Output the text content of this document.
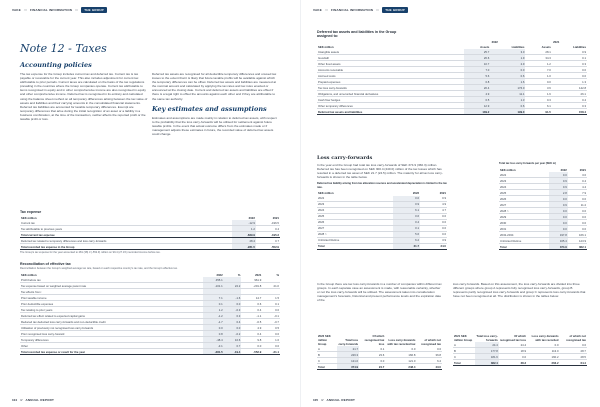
VAKE /// FINANCIAL INFORMATION ///	THE GROUP
Note 12 - Taxes
Accounting policies
The tax expense for the Group includes current tax and deferred tax. Current tax is tax payable or receivable for the current year. This also includes adjustment for current tax attributable to prior periods. Current taxes are calculated on the basis of the tax regulations prevailing in the countries where the Group companies operate. Current tax attributable to items recognised in equity and in other comprehensive income are also recognised in equity and other comprehensive income. Deferred tax is recognised in its entirety and calculated using the balance sheet method on all temporary differences arising between the tax value of assets and liabilities and their carrying amounts in the consolidated financial statements. Deferred tax liabilities are accounted for taxable temporary differences. Exempt are temporary differences that arise during the initial recognition of an asset or a liability in a business combination, at the time of the transaction, neither affects the reported profit or the taxable profit or loss.
Deferred tax assets are recognised for all deductible temporary differences and unused tax losses to the extent that it is likely that future taxable profits will be available against which the temporary differences can be offset. Deferred tax assets and liabilities are measured at the nominal amount and calculated by applying the tax rates and tax rules enacted or announced at the closing date. Current and deferred tax assets and liabilities are offset if there is a legal right to offset the amounts against each other and if they are attributable to the same tax authority.
Key estimates and assumptions
Estimates and assumptions are made mainly in relation to deferred tax assets, with respect to the probability that the loss carry-forwards will be utilised for settlement against future taxable profits. In the event that actual outcome differs from the estimates made or if management adjusts these estimates in future, the recorded value of deferred tax assets could change.
Tax expense
SEK million	2022	2021
Current tax	-12.9	-196.5
Tax attributable to previous years	1.2	0.4
Total current tax expense	-669.9	-195.3
Deferred tax related to temporary differences and loss carry-forwards	28.4	0.7
Total recorded tax expense in the Group	-281.5	-552.9
The Group's tax expense for the year amounted to 281 (38) 3 (-552.9) million on 99.4 (27.1%) recorded income before tax.
Reconciliation of effective tax
Reconciliation between the Group's weighted average tax rate, based on each respective country's tax rate, and the Group's effective tax.
SEK million	2022	%	2021	%
Profit before tax	455.1		961.9	
Tax expense based on weighted average parent rate	-101.1	22.2	-201.8	21.0
Tax effects from:				
Prior taxable income	7.1	-1.6	14.7	1.5
Prior deductible expenses	0.1	0.0	0.6	0.1
Tax relating to prior years	1.2	-0.3	0.4	0.0
Deferred tax effect related to expected capital gains	-1.2	0.3	-1.1	-0.1
Reduced tax deducted loss carry-forwards and non-deductible credit	-1.7	0.4	-6.5	-0.7
Utilisation of previously not recognised loss carry-forwards	0.0	0.0	4.9	0.5
Prior recognised loss carry-forward	0.8	-0.2	0.4	0.0
Temporary differences	-48.4	10.6	9.8	1.0
Other	-3.1	0.7	0.0	0.0
Total recorded tax expense or result for the year	-281.5	-19.4	-552.9	-21.1
104 /// ANNUAL REPORT
VAKE /// FINANCIAL INFORMATION ///	THE GROUP
Deferred tax assets and liabilities in the Group
assigned to:
	2022		2021	
SEK million	Assets	Liabilities	Assets	Liabilities
Intangible assets	25.7	3.0	28.1	0.9
Goodwill	26.6	1.9	34.3	0.1
Other fixed assets	10.7	2.9	1.2	0.3
Accounts receivable	7.0	0.0	7.0	0.0
Accrued costs	5.6	0.6	1.0	0.0
Prepaid expenses	0.8	1.6	0.0	1.3
Tax loss carry-forwards	20.4	176.0	3.6	142.8
Obligations, and unrecorded financial derivatives	4.9	11.1	1.6	26.1
Cash flow hedges	0.5	1.3	0.3	0.4
Other temporary differences	12.9	0.6	6.1	0.3
Deferred tax assets and liabilities	139.2	199.0	91.5	158.4
Loss carry-forwards
In the year end the Group had total tax loss carry-forwards of SEK 374.9 (360.3) million. Deferred tax has been recognised on SEK 300.4 (240.0) million of the tax losses which has resulted in a deferred tax asset of SEK 21.7 (24.5) million. The maturity for all tax loss carry-forwards is shown in the table below.
Deferred tax liability arising from tax allocation reserves and accelerated depreciation is limited to the tax rate.
SEK million	2022	2021
2022	0.0	0.9
2023	0.9	4.9
2024	6.1	4.7
2025	0.6	0.0
2026	0.4	0.0
2027	0.1	0.0
2028 >	5.6	0.0
Unlimited lifetime	6.2	3.9
Total	21.7	24.0
Total tax loss carry-forwards per year (SEK m)
SEK million	2022	2021
2022	0.0	3.0
2023	0.9	0.4
2024	0.9	4.4
2025	2.8	7.9
2026	0.0	0.0
2027	0.9	11.4
2028 >	0.0	0.0
2029	0.0	0.0
2030	0.0	0.0
2031	0.0	0.0
2032-2034	197.8	166.1
Unlimited lifetime	165.4	123.9
Total	374.9	362.1
In the Group there are tax loss carry-forwards in a number of companies within different tax groups. In each separate case an assessment is made, with reasonable certainty, whether or not the loss carry-forwards will be utilised. The assessment takes into consideration management's forecasts, historical and present performance levels and the expiration date of the
loss carry-forwards. Based on this assessment, the loss carry-forwards are divided into three different groups where group A represents fully recognised loss carry-forwards, group B represents partly recognised loss carry-forwards and group C represents loss carry-forwards that have not been recognised at all. The distribution is shown in the tables below.
2022 SEK million Group	Total loss carry-forwards	Of which recognised tax loss	Loss carry-forwards with tax recorded tax	of which not recognised tax
A	21.7	0.1	0.0	0.0
B	226.3	23.6	166.8	36.8
C	121.0	0.0	121.0	6.2
Total	374.9	24.7	248.4	43.0
2021 SEK million Group	Total loss carry-forwards	Of which recognised tax loss	Loss carry-forwards with tax recorded	of which not recognised tax
A	24.4	24.4	0.0	0.0
B	177.8	18.9	113.0	28.7
C	181.6	0.0	160.2	28.5
Total	382.4	28.3	263.2	64.4
105 /// ANNUAL REPORT
